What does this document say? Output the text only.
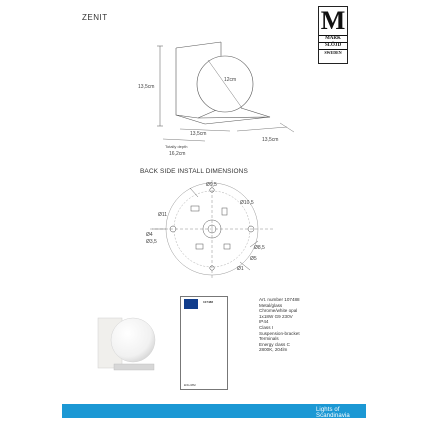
ZENIT	M
MARK
SLÖJD
SWEDEN
13,5cm
12cm
13,5cm
13,5cm
Totally depth
16,2cm
Ø9,5
Ø11
Ø4
Ø3,5
Ø10,5
Ø8,5
Ø5
Ø1
BACK SIDE INSTALL DIMENSIONS
107488
ENG-0862
Art. number 107488
Metal/glass
Chrome/white opal
1x18W G9 230V
IP44
Class I
Suspension-bracket
Terminals
Energy class C
2800K, 204lm
Lights of Scandinavia
